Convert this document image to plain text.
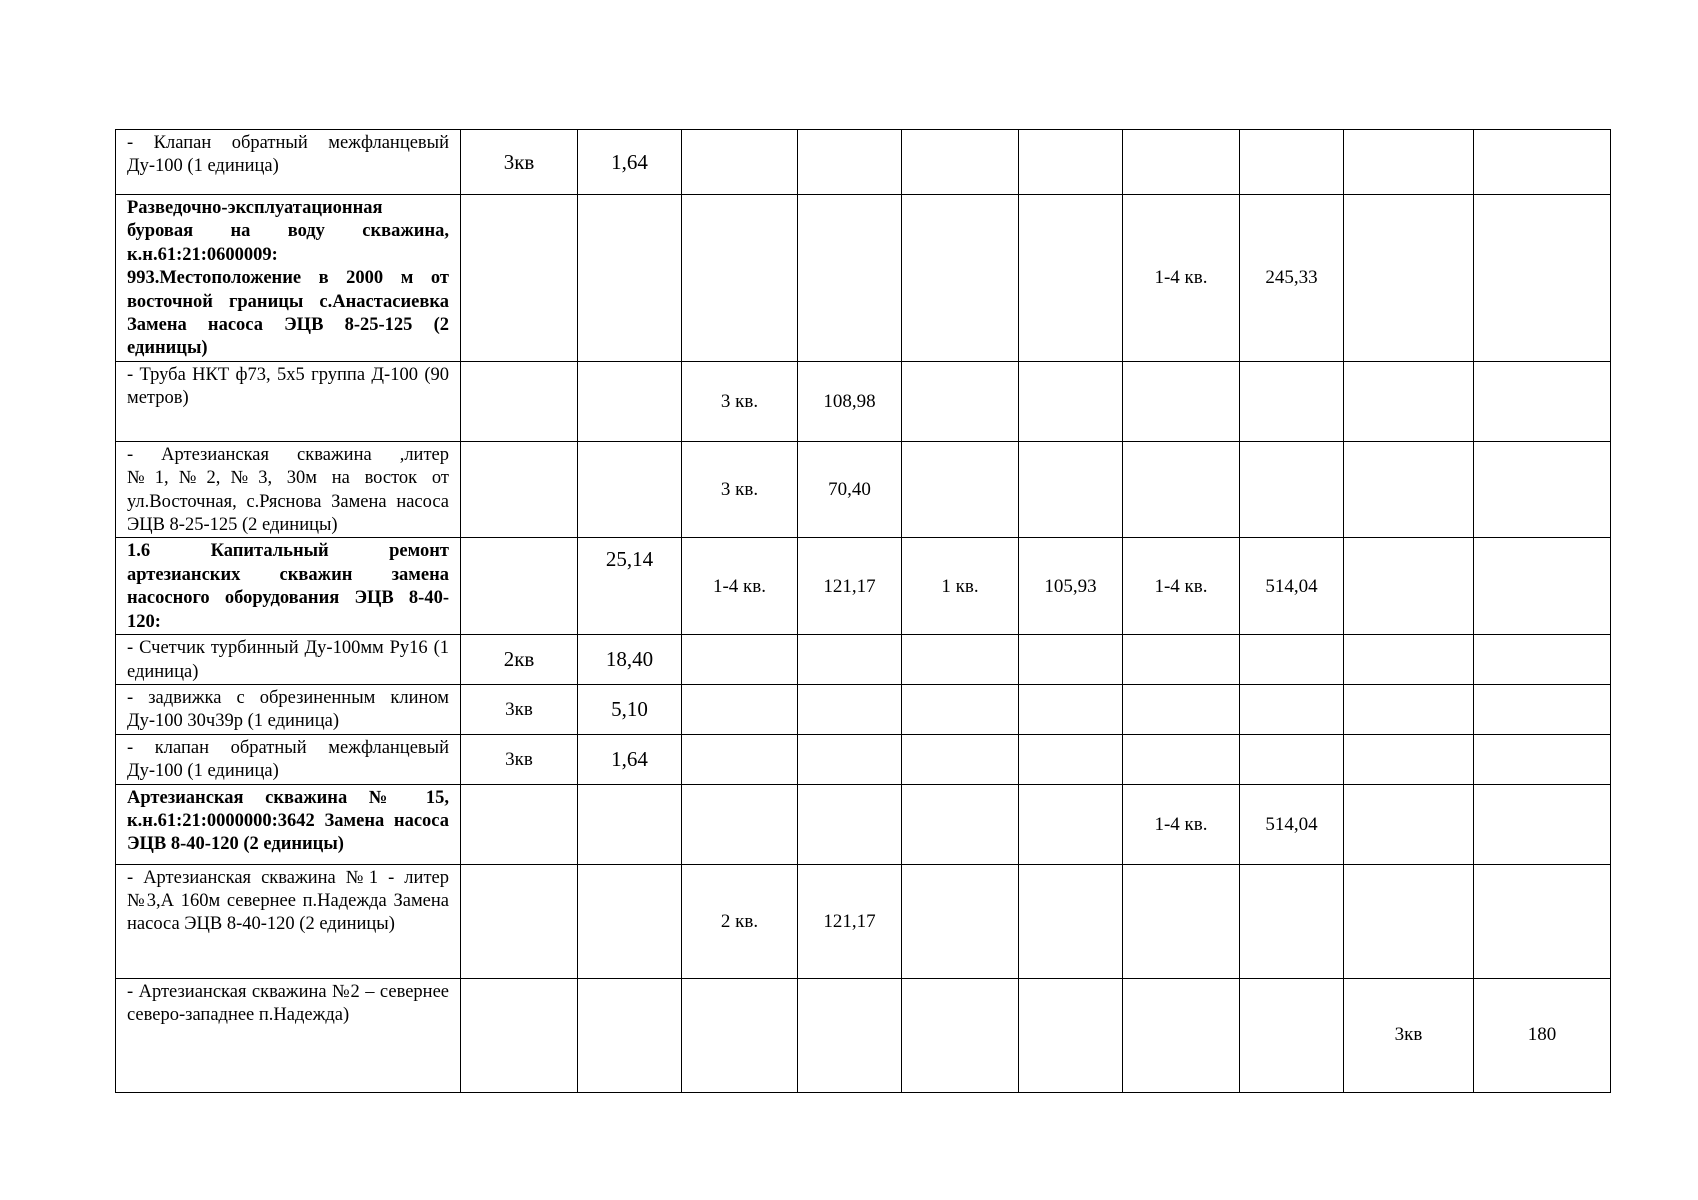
- Клапан обратный межфланцевый Ду-100 (1 единица)	3кв	1,64								
Разведочно-эксплуатационная буровая на воду скважина, к.н.61:21:0600009: 993.Местоположение в 2000 м от восточной границы с.Анастасиевка Замена насоса ЭЦВ 8-25-125 (2 единицы)							1-4 кв.	245,33		
- Труба НКТ ф73, 5х5 группа Д-100 (90 метров)			3 кв.	108,98						
- Артезианская скважина ,литер №1,№2,№3, 30м на восток от ул.Восточная, с.Ряснова Замена насоса ЭЦВ 8-25-125 (2 единицы)			3 кв.	70,40						
1.6 Капитальный ремонт артезианских скважин замена насосного оборудования ЭЦВ 8-40-120:		25,14	1-4 кв.	121,17	1 кв.	105,93	1-4 кв.	514,04		
- Счетчик турбинный Ду-100мм Ру16 (1 единица)	2кв	18,40								
- задвижка с обрезиненным клином Ду-100 30ч39р (1 единица)	3кв	5,10								
- клапан обратный межфланцевый Ду-100 (1 единица)	3кв	1,64								
Артезианская скважина № 15, к.н.61:21:0000000:3642 Замена насоса ЭЦВ 8-40-120 (2 единицы)							1-4 кв.	514,04		
- Артезианская скважина №1 - литер №3,А 160м севернее п.Надежда Замена насоса ЭЦВ 8-40-120 (2 единицы)			2 кв.	121,17						
- Артезианская скважина №2 – севернее северо-западнее п.Надежда)									3кв	180
